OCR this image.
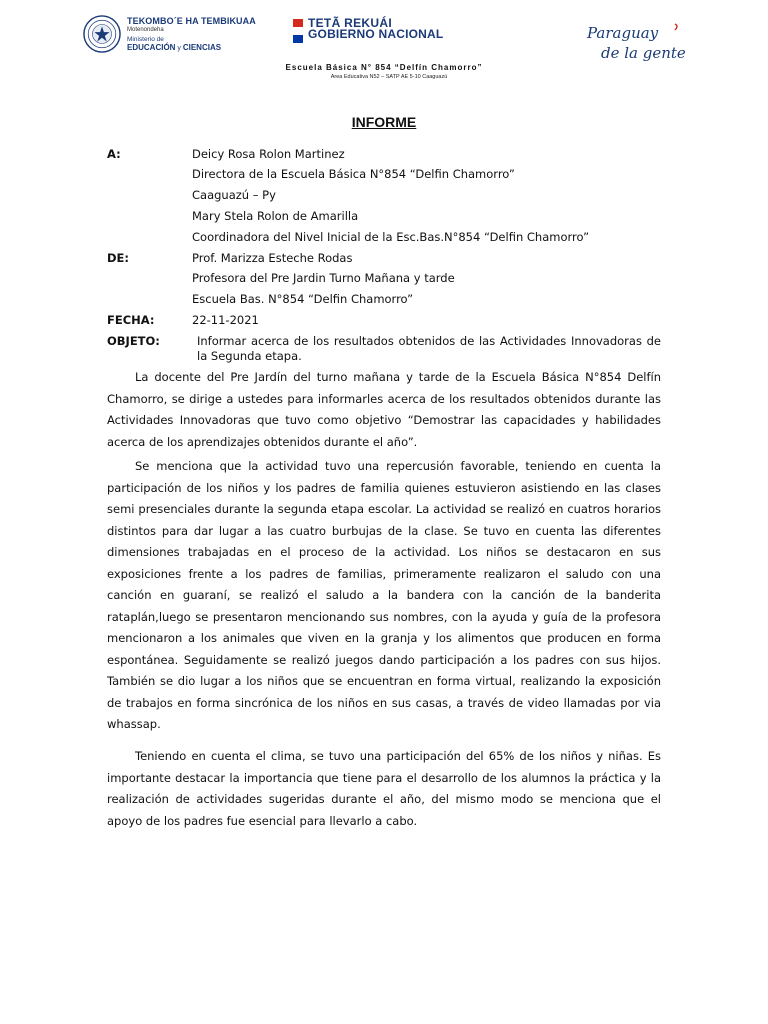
TEKOMBO´E HA TEMBIKUAA
Motenondeha
Ministerio de
EDUCACIÓN y CIENCIAS
TETÃ REKUÁI
GOBIERNO NACIONAL	Paraguay
de la gente
Escuela Básica N° 854 “Delfín Chamorro”
Area Educativa N52 – SATP AE 5-10 Caaguazú
INFORME
A:	Deicy Rosa Rolon Martinez
Directora de la Escuela Básica N°854 “Delfin Chamorro”
Caaguazú – Py
Mary Stela Rolon de Amarilla
Coordinadora del Nivel Inicial de la Esc.Bas.N°854 “Delfin Chamorro”
DE:	Prof. Marizza Esteche Rodas
Profesora del Pre Jardin Turno Mañana y tarde
Escuela Bas. N°854 “Delfin Chamorro”
FECHA:	22-11-2021
OBJETO:	Informar acerca de los resultados obtenidos de las Actividades Innovadoras de la Segunda etapa.
La docente del Pre Jardín del turno mañana y tarde de la Escuela Básica N°854 Delfín Chamorro, se dirige a ustedes para informarles acerca de los resultados obtenidos durante las Actividades Innovadoras que tuvo como objetivo “Demostrar las capacidades y habilidades acerca de los aprendizajes obtenidos durante el año”.
Se menciona que la actividad tuvo una repercusión favorable, teniendo en cuenta la participación de los niños y los padres de familia quienes estuvieron asistiendo en las clases semi presenciales durante la segunda etapa escolar. La actividad se realizó en cuatros horarios distintos para dar lugar a las cuatro burbujas de la clase. Se tuvo en cuenta las diferentes dimensiones trabajadas en el proceso de la actividad. Los niños se destacaron en sus exposiciones frente a los padres de familias, primeramente realizaron el saludo con una canción en guaraní, se realizó el saludo a la bandera con la canción de la banderita rataplán,luego se presentaron mencionando sus nombres, con la ayuda y guía de la profesora mencionaron a los animales que viven en la granja y los alimentos que producen en forma espontánea. Seguidamente se realizó juegos dando participación a los padres con sus hijos. También se dio lugar a los niños que se encuentran en forma virtual, realizando la exposición de trabajos en forma sincrónica de los niños en sus casas, a través de video llamadas por via whassap.
Teniendo en cuenta el clima, se tuvo una participación del 65% de los niños y niñas. Es importante destacar la importancia que tiene para el desarrollo de los alumnos la práctica y la realización de actividades sugeridas durante el año, del mismo modo se menciona que el apoyo de los padres fue esencial para llevarlo a cabo.
